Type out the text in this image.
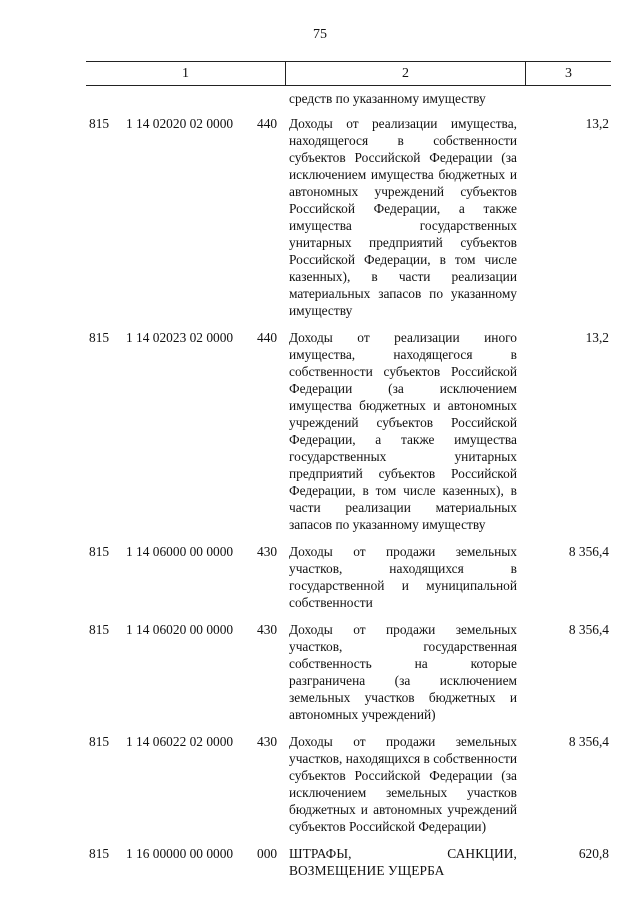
75
1	2	3
средств по указанному имуществу
815 1 14 02020 02 0000 440 Доходы от реализации имущества, находящегося в собственности субъектов Российской Федерации (за исключением имущества бюджетных и автономных учреждений субъектов Российской Федерации, а также имущества государственных унитарных предприятий субъектов Российской Федерации, в том числе казенных), в части реализации материальных запасов по указанному имуществу
13,2
815 1 14 02023 02 0000 440 Доходы от реализации иного имущества, находящегося в собственности субъектов Российской Федерации (за исключением имущества бюджетных и автономных учреждений субъектов Российской Федерации, а также имущества государственных унитарных предприятий субъектов Российской Федерации, в том числе казенных), в части реализации материальных запасов по указанному имуществу
13,2
815 1 14 06000 00 0000 430 Доходы от продажи земельных участков, находящихся в государственной и муниципальной собственности
8 356,4
815 1 14 06020 00 0000 430 Доходы от продажи земельных участков, государственная собственность на которые разграничена (за исключением земельных участков бюджетных и автономных учреждений)
8 356,4
815 1 14 06022 02 0000 430 Доходы от продажи земельных участков, находящихся в собственности субъектов Российской Федерации (за исключением земельных участков бюджетных и автономных учреждений субъектов Российской Федерации)
8 356,4
815 1 16 00000 00 0000 000 ШТРАФЫ, САНКЦИИ, ВОЗМЕЩЕНИЕ УЩЕРБА
620,8
